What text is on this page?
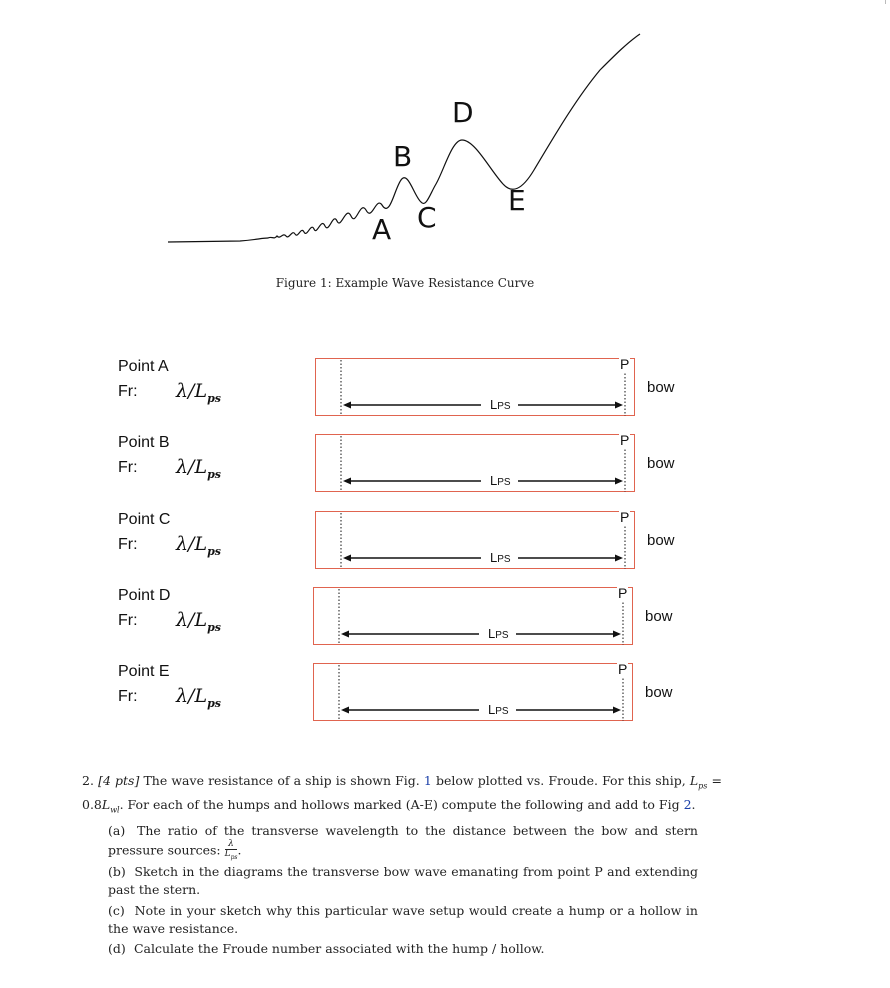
A
B
C
D
E
Figure 1: Example Wave Resistance Curve
Point A
Fr: $\lambda/L_{ps}$
P
bow
LPS
Point B
Fr: $\lambda/L_{ps}$
P
bow
LPS
Point C
Fr: $\lambda/L_{ps}$
P
bow
LPS
Point D
Fr: $\lambda/L_{ps}$
P
bow
LPS
Point E
Fr: $\lambda/L_{ps}$
P
bow
LPS
2. [4 pts] The wave resistance of a ship is shown Fig. 1 below plotted vs. Froude. For this ship, $L_{ps} = 0.8L_{wl}$. For each of the humps and hollows marked (A-E) compute the following and add to Fig 2.
(a) The ratio of the transverse wavelength to the distance between the bow and stern pressure sources: $\frac{\lambda}{L_{ps}}$ .
(b) Sketch in the diagrams the transverse bow wave emanating from point P and extending past the stern.
(c) Note in your sketch why this particular wave setup would create a hump or a hollow in the wave resistance.
(d) Calculate the Froude number associated with the hump / hollow.
